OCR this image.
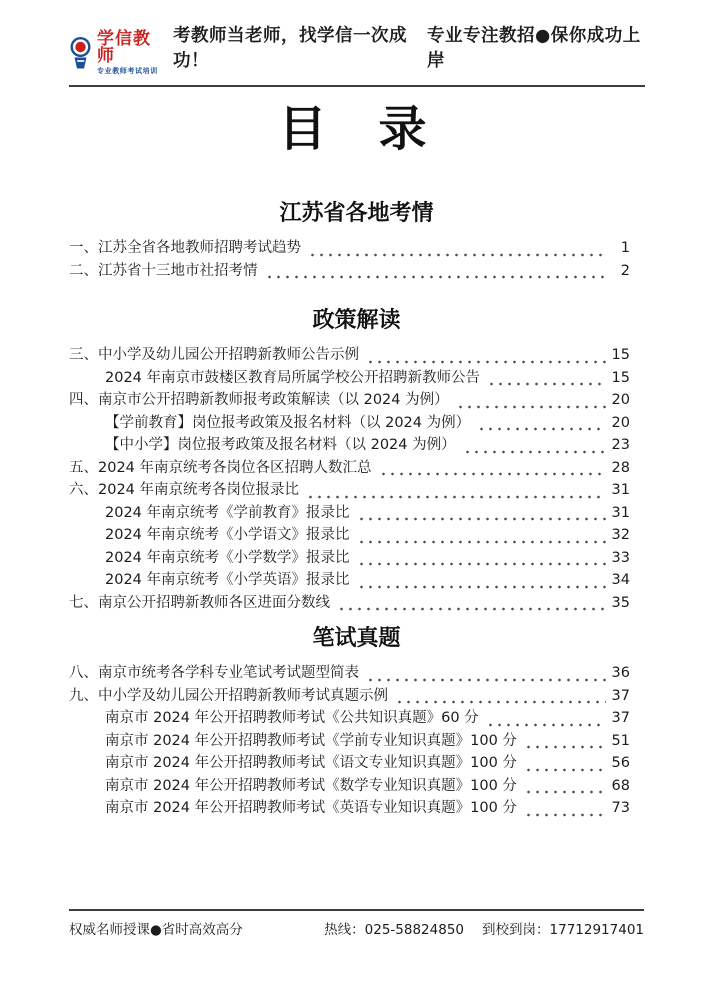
学信教师
专业教师考试培训
考教师当老师，找学信一次成功！
专业专注教招●保你成功上岸
目　录
江苏省各地考情
一、江苏全省各地教师招聘考试趋势	1
二、江苏省十三地市社招考情	2
政策解读
三、中小学及幼儿园公开招聘新教师公告示例	15
2024 年南京市鼓楼区教育局所属学校公开招聘新教师公告	15
四、南京市公开招聘新教师报考政策解读（以 2024 为例）	20
【学前教育】岗位报考政策及报名材料（以 2024 为例）	20
【中小学】岗位报考政策及报名材料（以 2024 为例）	23
五、2024 年南京统考各岗位各区招聘人数汇总	28
六、2024 年南京统考各岗位报录比	31
2024 年南京统考《学前教育》报录比	31
2024 年南京统考《小学语文》报录比	32
2024 年南京统考《小学数学》报录比	33
2024 年南京统考《小学英语》报录比	34
七、南京公开招聘新教师各区进面分数线	35
笔试真题
八、南京市统考各学科专业笔试考试题型简表	36
九、中小学及幼儿园公开招聘新教师考试真题示例	37
南京市 2024 年公开招聘教师考试《公共知识真题》60 分	37
南京市 2024 年公开招聘教师考试《学前专业知识真题》100 分	51
南京市 2024 年公开招聘教师考试《语文专业知识真题》100 分	56
南京市 2024 年公开招聘教师考试《数学专业知识真题》100 分	68
南京市 2024 年公开招聘教师考试《英语专业知识真题》100 分	73
权威名师授课●省时高效高分	热线：025-58824850 到校到岗：17712917401
